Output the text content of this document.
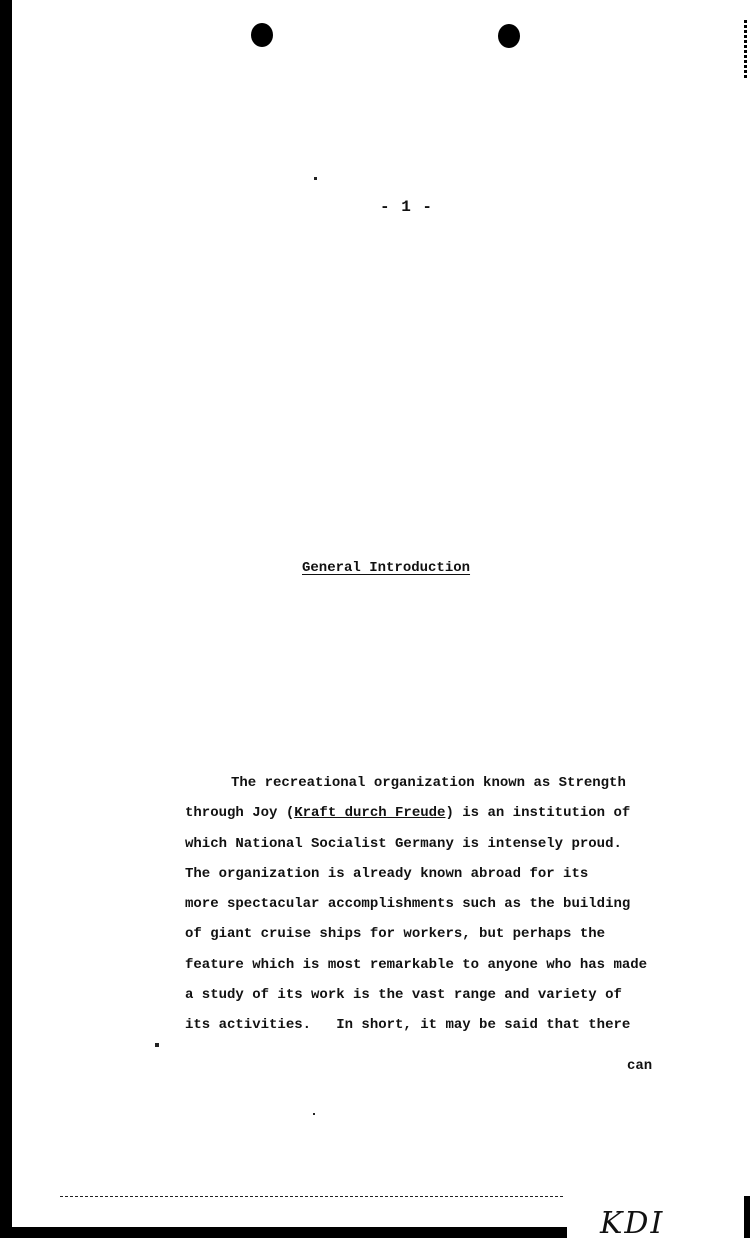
- 1 -
General Introduction
The recreational organization known as Strength
through Joy (Kraft durch Freude) is an institution of
which National Socialist Germany is intensely proud.
The organization is already known abroad for its
more spectacular accomplishments such as the building
of giant cruise ships for workers, but perhaps the
feature which is most remarkable to anyone who has made
a study of its work is the vast range and variety of
its activities.   In short, it may be said that there
can
KDI
